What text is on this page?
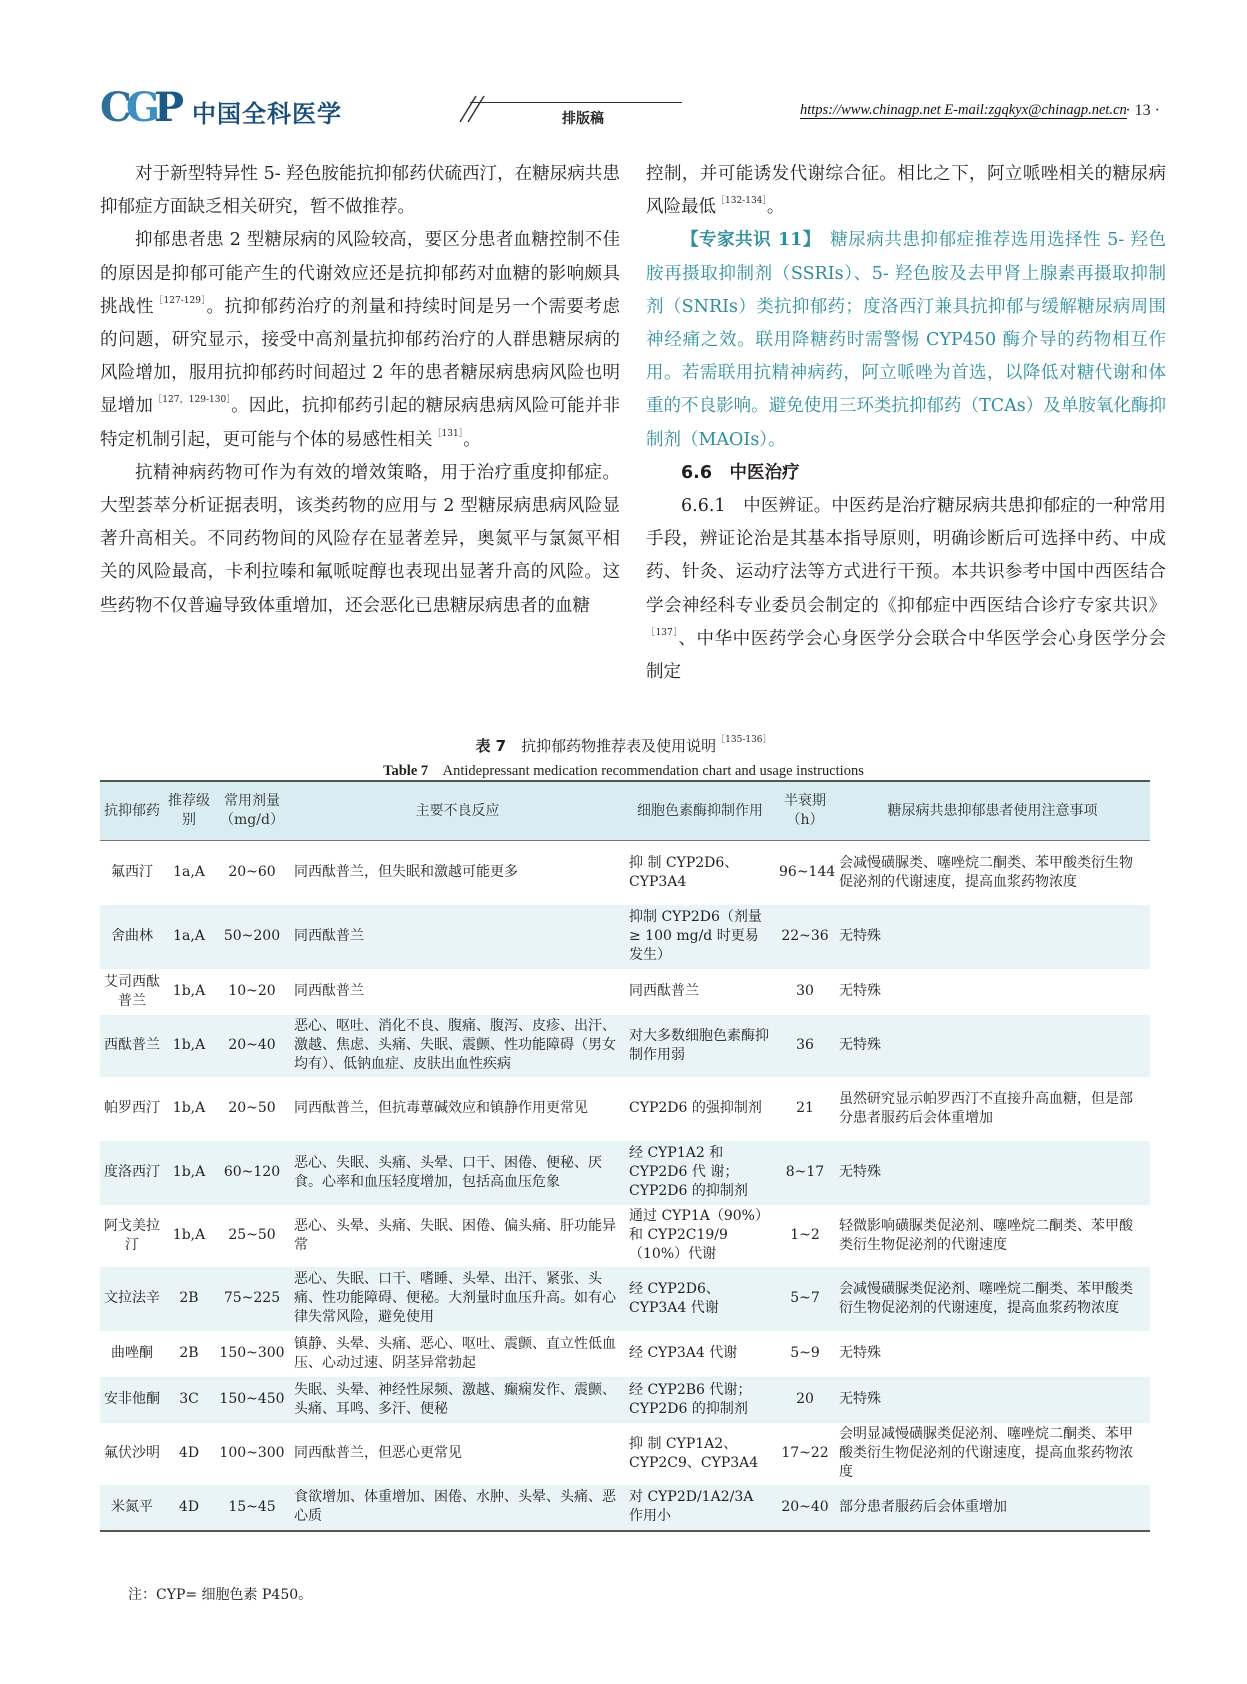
CGP 中国全科医学	排版稿
https://www.chinagp.net E-mail:zgqkyx@chinagp.net.cn
· 13 ·

对于新型特异性 5- 羟色胺能抗抑郁药伏硫西汀，在糖尿病共患抑郁症方面缺乏相关研究，暂不做推荐。

抑郁患者患 2 型糖尿病的风险较高，要区分患者血糖控制不佳的原因是抑郁可能产生的代谢效应还是抗抑郁药对血糖的影响颇具挑战性$^{[127-129]}$。抗抑郁药治疗的剂量和持续时间是另一个需要考虑的问题，研究显示，接受中高剂量抗抑郁药治疗的人群患糖尿病的风险增加，服用抗抑郁药时间超过 2 年的患者糖尿病患病风险也明显增加$^{[127,129-130]}$。因此，抗抑郁药引起的糖尿病患病风险可能并非特定机制引起，更可能与个体的易感性相关$^{[131]}$。

抗精神病药物可作为有效的增效策略，用于治疗重度抑郁症。大型荟萃分析证据表明，该类药物的应用与 2 型糖尿病患病风险显著升高相关。不同药物间的风险存在显著差异，奥氮平与氯氮平相关的风险最高，卡利拉嗪和氟哌啶醇也表现出显著升高的风险。这些药物不仅普遍导致体重增加，还会恶化已患糖尿病患者的血糖

控制，并可能诱发代谢综合征。相比之下，阿立哌唑相关的糖尿病风险最低$^{[132-134]}$。

【专家共识 11】　 糖尿病共患抑郁症推荐选用选择性 5- 羟色胺再摄取抑制剂（SSRIs）、5- 羟色胺及去甲肾上腺素再摄取抑制剂（SNRIs）类抗抑郁药；度洛西汀兼具抗抑郁与缓解糖尿病周围神经痛之效。联用降糖药时需警惕 CYP450 酶介导的药物相互作用。若需联用抗精神病药，阿立哌唑为首选，以降低对糖代谢和体重的不良影响。避免使用三环类抗抑郁药（TCAs）及单胺氧化酶抑制剂（MAOIs）。

6.6　中医治疗

6.6.1　中医辨证。中医药是治疗糖尿病共患抑郁症的一种常用手段，辨证论治是其基本指导原则，明确诊断后可选择中药、中成药、针灸、运动疗法等方式进行干预。本共识参考中国中西医结合学会神经科专业委员会制定的《抑郁症中西医结合诊疗专家共识》$^{[137]}$、中华中医药学会心身医学分会联合中华医学会心身医学分会制定

表 7　 抗抑郁药物推荐表及使用说明$^{[135-136]}$
Table 7　 Antidepressant medication recommendation chart and usage instructions
抗抑郁药	推荐级别	常用剂量（mg/d）	主要不良反应	细胞色素酶抑制作用	半衰期（h）	糖尿病共患抑郁患者使用注意事项
氟西汀	1a,A	20~60	同西酞普兰，但失眠和激越可能更多	抑 制 CYP2D6、CYP3A4	96~144	会减慢磺脲类、噻唑烷二酮类、苯甲酸类衍生物促泌剂的代谢速度，提高血浆药物浓度
舍曲林	1a,A	50~200	同西酞普兰	抑制 CYP2D6（剂量≥ 100 mg/d 时更易发生）	22~36	无特殊
艾司西酞普兰	1b,A	10~20	同西酞普兰	同西酞普兰	30	无特殊
西酞普兰	1b,A	20~40	恶心、呕吐、消化不良、腹痛、腹泻、皮疹、出汗、激越、焦虑、头痛、失眠、震颤、性功能障碍（男女均有）、低钠血症、皮肤出血性疾病	对大多数细胞色素酶抑制作用弱	36	无特殊
帕罗西汀	1b,A	20~50	同西酞普兰，但抗毒蕈碱效应和镇静作用更常见	CYP2D6 的强抑制剂	21	虽然研究显示帕罗西汀不直接升高血糖，但是部分患者服药后会体重增加
度洛西汀	1b,A	60~120	恶心、失眠、头痛、头晕、口干、困倦、便秘、厌食。心率和血压轻度增加，包括高血压危象	经 CYP1A2 和 CYP2D6 代 谢；CYP2D6 的抑制剂	8~17	无特殊
阿戈美拉汀	1b,A	25~50	恶心、头晕、头痛、失眠、困倦、偏头痛、肝功能异常	通过 CYP1A（90%）和 CYP2C19/9（10%）代谢	1~2	轻微影响磺脲类促泌剂、噻唑烷二酮类、苯甲酸类衍生物促泌剂的代谢速度
文拉法辛	2B	75~225	恶心、失眠、口干、嗜睡、头晕、出汗、紧张、头痛、性功能障碍、便秘。大剂量时血压升高。如有心律失常风险，避免使用	经 CYP2D6、CYP3A4 代谢	5~7	会减慢磺脲类促泌剂、噻唑烷二酮类、苯甲酸类衍生物促泌剂的代谢速度，提高血浆药物浓度
曲唑酮	2B	150~300	镇静、头晕、头痛、恶心、呕吐、震颤、直立性低血压、心动过速、阴茎异常勃起	经 CYP3A4 代谢	5~9	无特殊
安非他酮	3C	150~450	失眠、头晕、神经性尿频、激越、癫痫发作、震颤、头痛、耳鸣、多汗、便秘	经 CYP2B6 代谢；CYP2D6 的抑制剂	20	无特殊
氟伏沙明	4D	100~300	同西酞普兰，但恶心更常见	抑 制 CYP1A2、CYP2C9、CYP3A4	17~22	会明显减慢磺脲类促泌剂、噻唑烷二酮类、苯甲酸类衍生物促泌剂的代谢速度，提高血浆药物浓度
米氮平	4D	15~45	食欲增加、体重增加、困倦、水肿、头晕、头痛、恶心质	对 CYP2D/1A2/3A 作用小	20~40	部分患者服药后会体重增加
注：CYP= 细胞色素 P450。
